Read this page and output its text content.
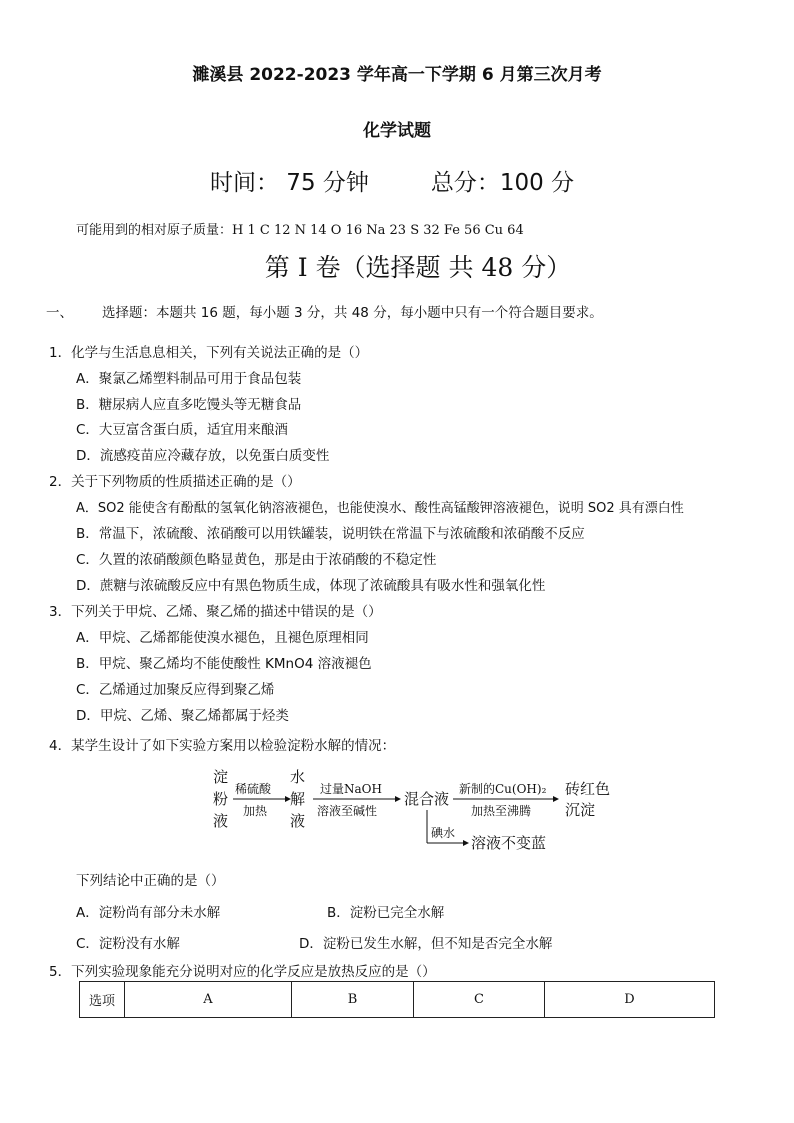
濉溪县 2022-2023 学年高一下学期 6 月第三次月考
化学试题
时间： 75 分钟	总分：100 分
可能用到的相对原子质量：H 1 C 12 N 14 O 16 Na 23 S 32 Fe 56 Cu 64
第 I 卷（选择题 共 48 分）
一、 选择题：本题共 16 题，每小题 3 分，共 48 分，每小题中只有一个符合题目要求。
1．化学与生活息息相关，下列有关说法正确的是（）
A．聚氯乙烯塑料制品可用于食品包装
B．糖尿病人应直多吃馒头等无糖食品
C．大豆富含蛋白质，适宜用来酿酒
D．流感疫苗应冷藏存放，以免蛋白质变性
2．关于下列物质的性质描述正确的是（）
A．SO2 能使含有酚酞的氢氧化钠溶液褪色，也能使溴水、酸性高锰酸钾溶液褪色，说明 SO2 具有漂白性
B．常温下，浓硫酸、浓硝酸可以用铁罐装，说明铁在常温下与浓硫酸和浓硝酸不反应
C．久置的浓硝酸颜色略显黄色，那是由于浓硝酸的不稳定性
D．蔗糖与浓硫酸反应中有黑色物质生成，体现了浓硫酸具有吸水性和强氧化性
3．下列关于甲烷、乙烯、聚乙烯的描述中错误的是（）
A．甲烷、乙烯都能使溴水褪色，且褪色原理相同
B．甲烷、聚乙烯均不能使酸性 KMnO4 溶液褪色
C．乙烯通过加聚反应得到聚乙烯
D．甲烷、乙烯、聚乙烯都属于烃类
4．某学生设计了如下实验方案用以检验淀粉水解的情况：
淀
粉
液
稀硫酸
加热
水
解
液
过量NaOH
溶液至碱性
混合液
新制的Cu(OH)₂
加热至沸腾
砖红色
沉淀
碘水
溶液不变蓝
下列结论中正确的是（）
A．淀粉尚有部分未水解	B．淀粉已完全水解
C．淀粉没有水解	D．淀粉已发生水解，但不知是否完全水解
5．下列实验现象能充分说明对应的化学反应是放热反应的是（）
选项	A	B	C	D
